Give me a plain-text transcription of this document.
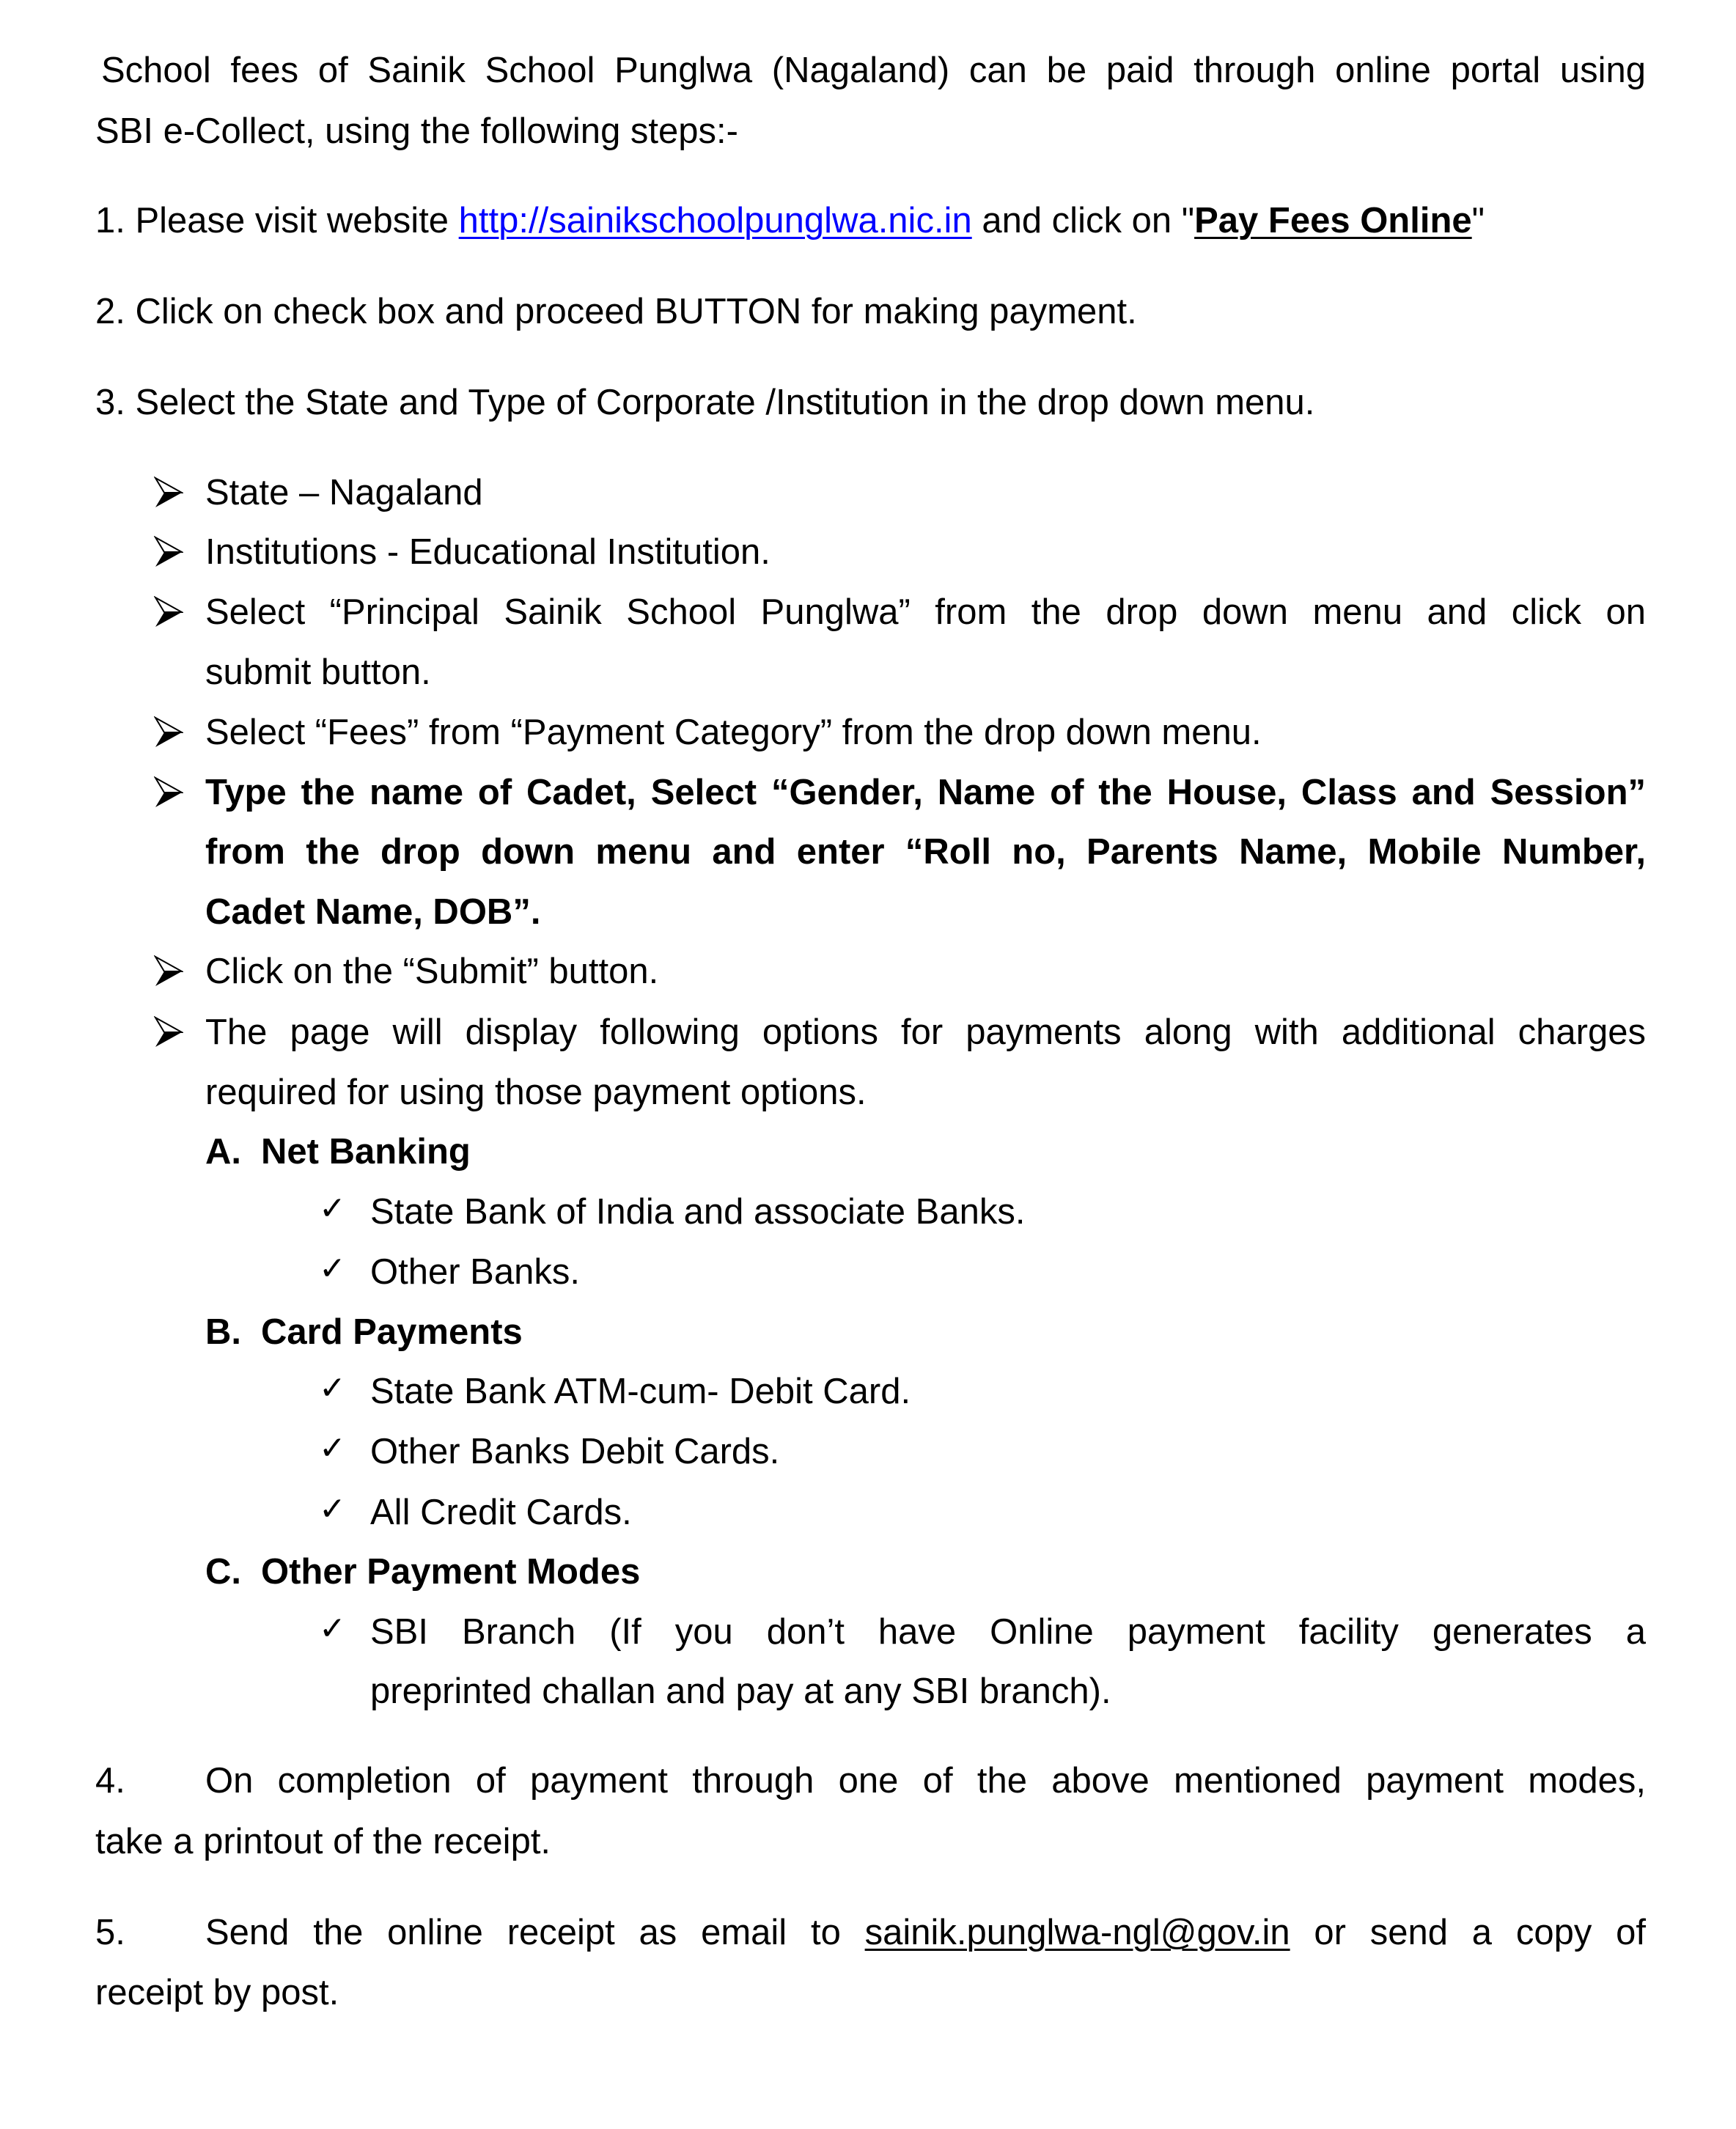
School fees of Sainik School Punglwa (Nagaland) can be paid through online portal using
SBI e-Collect, using the following steps:-
1. Please visit website http://sainikschoolpunglwa.nic.in and click on "Pay Fees Online"
2. Click on check box and proceed BUTTON for making payment.
3. Select the State and Type of Corporate /Institution in the drop down menu.
State – Nagaland
Institutions - Educational Institution.
Select “Principal Sainik School Punglwa” from the drop down menu and click on
submit button.
Select “Fees” from “Payment Category” from the drop down menu.
Type the name of Cadet, Select “Gender, Name of the House, Class and Session”
from the drop down menu and enter “Roll no, Parents Name, Mobile Number,
Cadet Name, DOB”.
Click on the “Submit” button.
The page will display following options for payments along with additional charges
required for using those payment options.
A. Net Banking
✓ State Bank of India and associate Banks.
✓ Other Banks.
B. Card Payments
✓ State Bank ATM-cum- Debit Card.
✓ Other Banks Debit Cards.
✓ All Credit Cards.
C. Other Payment Modes
✓ SBI Branch (If you don’t have Online payment facility generates a
preprinted challan and pay at any SBI branch).
4. On completion of payment through one of the above mentioned payment modes,
take a printout of the receipt.
5. Send the online receipt as email to sainik.punglwa-ngl@gov.in or send a copy of
receipt by post.
